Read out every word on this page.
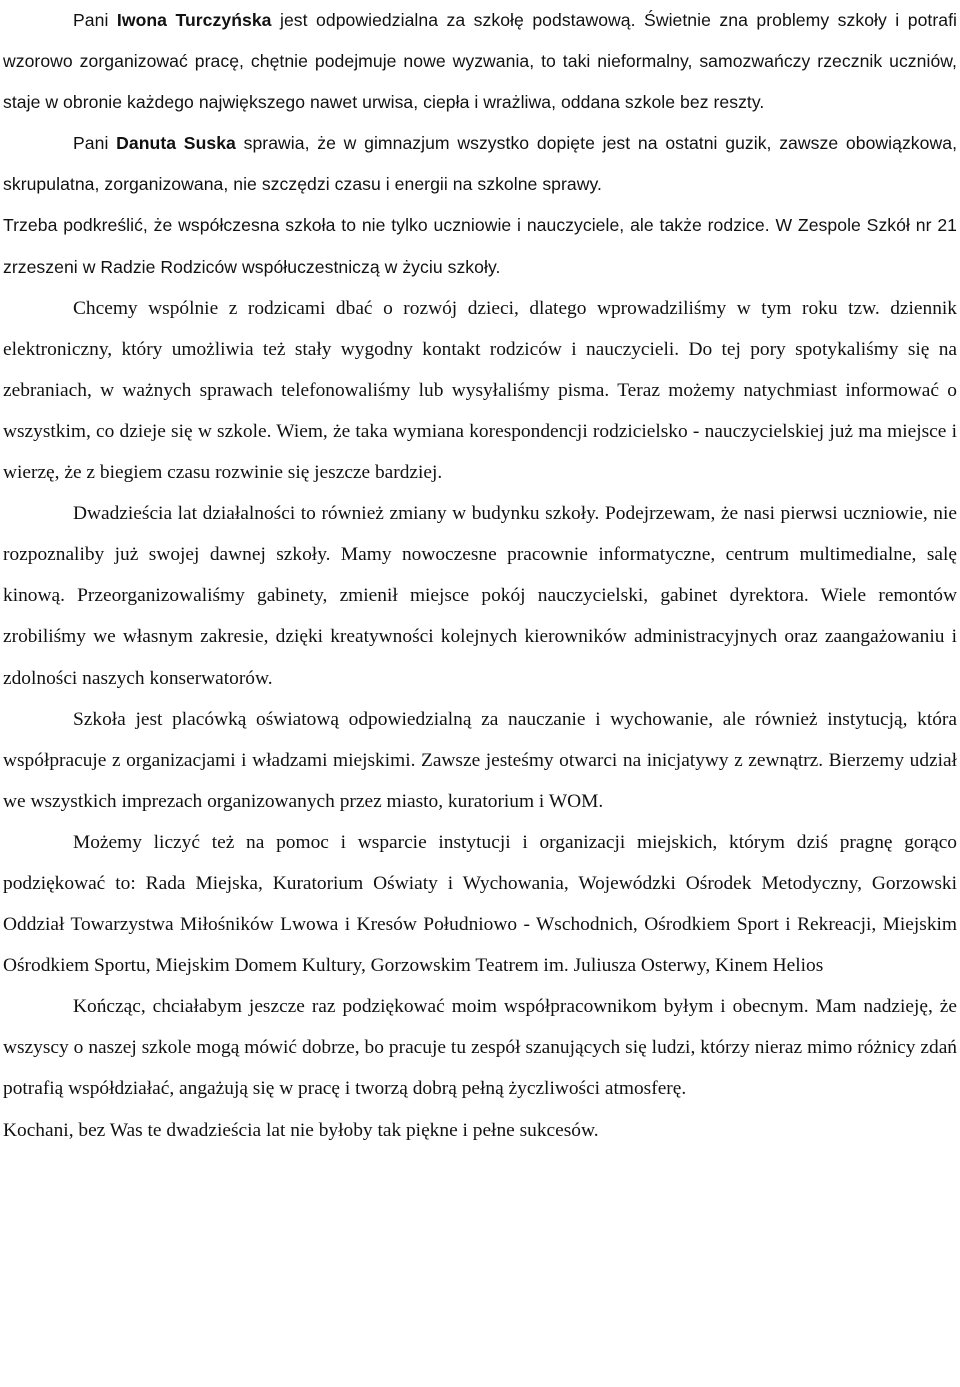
Pani Iwona Turczyńska jest odpowiedzialna za szkołę podstawową. Świetnie zna problemy szkoły i potrafi wzorowo zorganizować pracę, chętnie podejmuje nowe wyzwania, to taki nieformalny, samozwańczy rzecznik uczniów, staje w obronie każdego największego nawet urwisa, ciepła i wrażliwa, oddana szkole bez reszty.

Pani Danuta Suska sprawia, że w gimnazjum wszystko dopięte jest na ostatni guzik, zawsze obowiązkowa, skrupulatna, zorganizowana, nie szczędzi czasu i energii na szkolne sprawy.

Trzeba podkreślić, że współczesna szkoła to nie tylko uczniowie i nauczyciele, ale także rodzice. W Zespole Szkół nr 21 zrzeszeni w Radzie Rodziców współuczestniczą w życiu szkoły.

Chcemy wspólnie z rodzicami dbać o rozwój dzieci, dlatego wprowadziliśmy w tym roku tzw. dziennik elektroniczny, który umożliwia też stały wygodny kontakt rodziców i nauczycieli. Do tej pory spotykaliśmy się na zebraniach, w ważnych sprawach telefonowaliśmy lub wysyłaliśmy pisma. Teraz możemy natychmiast informować o wszystkim, co dzieje się w szkole. Wiem, że taka wymiana korespondencji rodzicielsko - nauczycielskiej już ma miejsce i wierzę, że z biegiem czasu rozwinie się jeszcze bardziej.

Dwadzieścia lat działalności to również zmiany w budynku szkoły. Podejrzewam, że nasi pierwsi uczniowie, nie rozpoznaliby już swojej dawnej szkoły. Mamy nowoczesne pracownie informatyczne, centrum multimedialne, salę kinową. Przeorganizowaliśmy gabinety, zmienił miejsce pokój nauczycielski, gabinet dyrektora. Wiele remontów zrobiliśmy we własnym zakresie, dzięki kreatywności kolejnych kierowników administracyjnych oraz zaangażowaniu i zdolności naszych konserwatorów.

Szkoła jest placówką oświatową odpowiedzialną za nauczanie i wychowanie, ale również instytucją, która współpracuje z organizacjami i władzami miejskimi. Zawsze jesteśmy otwarci na inicjatywy z zewnątrz. Bierzemy udział we wszystkich imprezach organizowanych przez miasto, kuratorium i WOM.

Możemy liczyć też na pomoc i wsparcie instytucji i organizacji miejskich, którym dziś pragnę gorąco podziękować to: Rada Miejska, Kuratorium Oświaty i Wychowania, Wojewódzki Ośrodek Metodyczny, Gorzowski Oddział Towarzystwa Miłośników Lwowa i Kresów Południowo - Wschodnich, Ośrodkiem Sport i Rekreacji, Miejskim Ośrodkiem Sportu, Miejskim Domem Kultury, Gorzowskim Teatrem im. Juliusza Osterwy, Kinem Helios

Kończąc, chciałabym jeszcze raz podziękować moim współpracownikom byłym i obecnym. Mam nadzieję, że wszyscy o naszej szkole mogą mówić dobrze, bo pracuje tu zespół szanujących się ludzi, którzy nieraz mimo różnicy zdań potrafią współdziałać, angażują się w pracę i tworzą dobrą pełną życzliwości atmosferę.

Kochani, bez Was te dwadzieścia lat nie byłoby tak piękne i pełne sukcesów.
